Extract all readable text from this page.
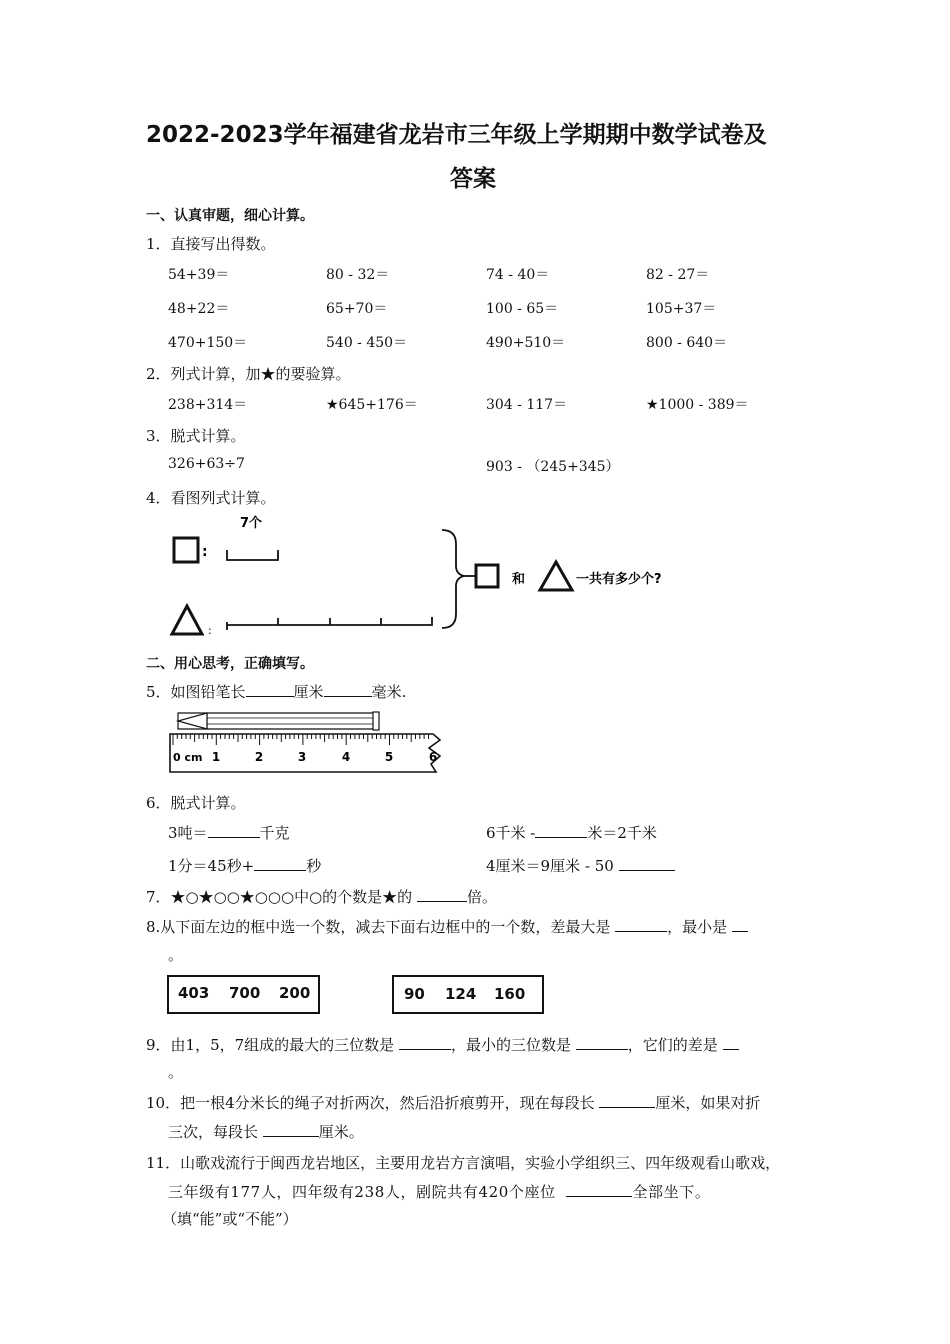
2022-2023学年福建省龙岩市三年级上学期期中数学试卷及
答案
一、认真审题，细心计算。
1．直接写出得数。
54+39＝	80 - 32＝	74 - 40＝	82 - 27＝
48+22＝	65+70＝	100 - 65＝	105+37＝
470+150＝	540 - 450＝	490+510＝	800 - 640＝
2．列式计算，加★的要验算。
238+314＝	★645+176＝	304 - 117＝	★1000 - 389＝
3．脱式计算。
326+63÷7	903 - （245+345）
4．看图列式计算。
:
7个
:
和	一共有多少个?
二、用心思考，正确填写。
5．如图铅笔长	厘米	毫米.
0 cm 1	2	3	4	5	6
6．脱式计算。
3吨＝	千克	6千米 -	米＝2千米
1分＝45秒+	秒	4厘米＝9厘米 - 50
7．★○★○○★○○○中○的个数是★的	倍。
8.从下面左边的框中选一个数，减去下面右边框中的一个数，差最大是	，最小是
。
403 700 200	90 124 160
9．由1，5，7组成的最大的三位数是	，最小的三位数是	，它们的差是
。
10．把一根4分米长的绳子对折两次，然后沿折痕剪开，现在每段长	厘米，如果对折
三次，每段长	厘米。
11．山歌戏流行于闽西龙岩地区，主要用龙岩方言演唱，实验小学组织三、四年级观看山歌戏，
三年级有177人，四年级有238人，剧院共有420个座位	全部坐下。
（填“能”或“不能”）
